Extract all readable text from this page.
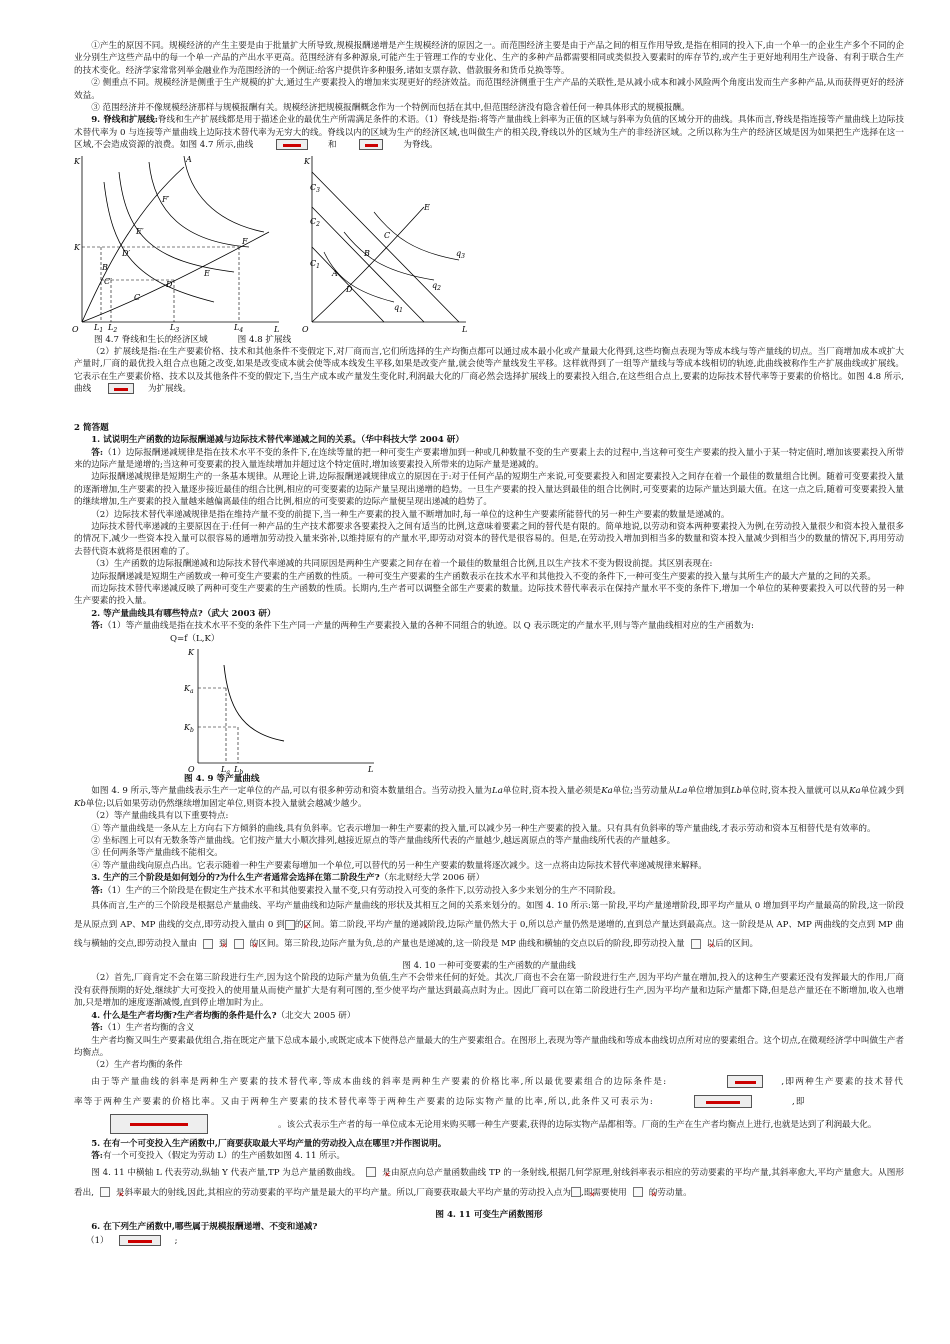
①产生的原因不同。规模经济的产生主要是由于批量扩大所导致,规模报酬递增是产生规模经济的原因之一。而范围经济主要是由于产品之间的相互作用导致,是指在相同的投入下,由一个单一的企业生产多个不同的企业分别生产这些产品中的每一个单一产品的产出水平更高。范围经济有多种源泉,可能产生于管理工作的专业化、生产的多种产品都需要相同或类似投入要素时的库存节约,或产生于更好地利用生产设备、有利于联合生产的技术变化。经济学家常常列举金融业作为范围经济的一个例证:给客户提供许多种服务,诸如支票存款、借款服务和货币兑换等等。

② 侧重点不同。规模经济是侧重于生产规模的扩大,通过生产要素投入的增加来实现更好的经济效益。而范围经济侧重于生产产品的关联性,是从减小成本和减小风险两个角度出发而生产多种产品,从而获得更好的经济效益。

③ 范围经济并不像规模经济那样与规模报酬有关。规模经济把规模报酬概念作为一个特例而包括在其中,但范围经济没有隐含着任何一种具体形式的规模报酬。

9. 脊线和扩展线:脊线和生产扩展线都是用于描述企业的最优生产所需满足条件的术语。（1）脊线是指:将等产量曲线上斜率为正值的区域与斜率为负值的区域分开的曲线。具体而言,脊线是指连接等产量曲线上边际技术替代率为 0 与连接等产量曲线上边际技术替代率为无穷大的线。脊线以内的区域为生产的经济区域,也叫做生产的相关段,脊线以外的区域为生产的非经济区域。之所以称为生产的经济区域是因为如果把生产选择在这一区域,不会造成资源的浪费。如图 4.7 所示,曲线	和	为脊线。

K
L
O
K
A
B
C
D
E
F
F′
E′
D′
C′
$L_1$ $L_2$	$L_3$	$L_4$
K
L
O
$C_3$
$C_2$
$C_1$
A
B
C
D
E
$q_1$
$q_2$
$q_3$
图 4.7 脊线和生长的经济区域	图 4.8 扩展线

（2）扩展线是指:在生产要素价格、技术和其他条件不变假定下,对厂商而言,它们所选择的生产均衡点都可以通过成本最小化或产量最大化得到,这些均衡点表现为等成本线与等产量线的切点。当厂商增加成本或扩大产量时,厂商的最优投入组合点也随之改变,如果是改变成本就会使等成本线发生平移,如果是改变产量,就会使等产量线发生平移。这样就得到了一组等产量线与等成本线相切的轨迹,此曲线被称作生产扩展曲线或扩展线。它表示在生产要素价格、技术以及其他条件不变的假定下,当生产成本或产量发生变化时,利润最大化的厂商必然会选择扩展线上的要素投入组合,在这些组合点上,要素的边际技术替代率等于要素的价格比。如图 4.8 所示,曲线	为扩展线。

2 简答题

1. 试说明生产函数的边际报酬递减与边际技术替代率递减之间的关系。（华中科技大学 2004 研）

答:（1）边际报酬递减规律是指在技术水平不变的条件下,在连续等量的把一种可变生产要素增加到一种或几种数量不变的生产要素上去的过程中,当这种可变生产要素的投入量小于某一特定值时,增加该要素投入所带来的边际产量是递增的;当这种可变要素的投入量连续增加并超过这个特定值时,增加该要素投入所带来的边际产量是递减的。

边际报酬递减规律是短期生产的一条基本规律。从理论上讲,边际报酬递减规律成立的原因在于:对于任何产品的短期生产来说,可变要素投入和固定要素投入之间存在着一个最佳的数量组合比例。随着可变要素投入量的逐渐增加,生产要素的投入量逐步接近最佳的组合比例,相应的可变要素的边际产量呈现出递增的趋势。一旦生产要素的投入量达到最佳的组合比例时,可变要素的边际产量达到最大值。在这一点之后,随着可变要素投入量的继续增加,生产要素的投入量越来越偏离最佳的组合比例,相应的可变要素的边际产量便呈现出递减的趋势了。

（2）边际技术替代率递减规律是指在维持产量不变的前提下,当一种生产要素的投入量不断增加时,每一单位的这种生产要素所能替代的另一种生产要素的数量是递减的。

边际技术替代率递减的主要原因在于:任何一种产品的生产技术都要求各要素投入之间有适当的比例,这意味着要素之间的替代是有限的。简单地说,以劳动和资本两种要素投入为例,在劳动投入量很少和资本投入量很多的情况下,减少一些资本投入量可以很容易的通增加劳动投入量来弥补,以维持原有的产量水平,即劳动对资本的替代是很容易的。但是,在劳动投入增加到相当多的数量和资本投入量减少到相当少的数量的情况下,再用劳动去替代资本就将是很困难的了。

（3）生产函数的边际报酬递减和边际技术替代率递减的共同原因是两种生产要素之间存在着一个最佳的数量组合比例,且以生产技术不变为假设前提。其区别表现在:

边际报酬递减是短期生产函数或一种可变生产要素的生产函数的性质。一种可变生产要素的生产函数表示在技术水平和其他投入不变的条件下,一种可变生产要素的投入量与其所生产的最大产量的之间的关系。

而边际技术替代率递减反映了两种可变生产要素的生产函数的性质。长期内,生产者可以调整全部生产要素的数量。边际技术替代率表示在保持产量水平不变的条件下,增加一个单位的某种要素投入可以代替的另一种生产要素的投入量。

2. 等产量曲线具有哪些特点?（武大 2003 研）

答:（1）等产量曲线是指在技术水平不变的条件下生产同一产量的两种生产要素投入量的各种不同组合的轨迹。以 Q 表示既定的产量水平,则与等产量曲线相对应的生产函数为:

Q=f（L,K）

K
L
O
$K_a$
$K_b$
$L_a$ $L_b$

图 4. 9 等产量曲线

如图 4. 9 所示,等产量曲线表示生产一定单位的产品,可以有很多种劳动和资本数量组合。当劳动投入量为La单位时,资本投入量必须是Ka单位;当劳动量从La单位增加到Lb单位时,资本投入量就可以从Ka单位减少到Kb单位;以后如果劳动仍然继续增加固定单位,则资本投入量就会越减少越少。

（2）等产量曲线具有以下重要特点:

① 等产量曲线是一条从左上方向右下方倾斜的曲线,具有负斜率。它表示增加一种生产要素的投入量,可以减少另一种生产要素的投入量。只有具有负斜率的等产量曲线,才表示劳动和资本互相替代是有效率的。

② 坐标图上可以有无数条等产量曲线。它们按产量大小顺次排列,越接近原点的等产量曲线所代表的产量越少,越远离原点的等产量曲线所代表的产量越多。

③ 任何两条等产量曲线不能相交。

④ 等产量曲线向原点凸出。它表示随着一种生产要素每增加一个单位,可以替代的另一种生产要素的数量将逐次减少。这一点将由边际技术替代率递减规律来解释。

3. 生产的三个阶段是如何划分的?为什么生产者通常会选择在第二阶段生产?（东北财经大学 2006 研）

答:（1）生产的三个阶段是在假定生产技术水平和其他要素投入量不变,只有劳动投入可变的条件下,以劳动投入多少来划分的生产不同阶段。

具体而言,生产的三个阶段是根据总产量曲线、平均产量曲线和边际产量曲线的形状及其相互之间的关系来划分的。如图 4. 10 所示:第一阶段,平均产量递增阶段,即平均产量从 0 增加到平均产量最高的阶段,这一阶段是从原点到 AP、MP 曲线的交点,即劳动投入量由 0 到 ✕ 的区间。第二阶段,平均产量的递减阶段,边际产量仍然大于 0,所以总产量仍然是递增的,直到总产量达到最高点。这一阶段是从 AP、MP 两曲线的交点到 MP 曲线与横轴的交点,即劳动投入量由 ✕ ✕	的区间。第三阶段,边际产量为负,总的产量也是递减的,这一阶段是 MP 曲线和横轴的交点以后的阶段,即劳动投入量 ✕	以后的区间。

图 4. 10 一种可变要素的生产函数的产量曲线

（2）首先,厂商肯定不会在第三阶段进行生产,因为这个阶段的边际产量为负值,生产不会带来任何的好处。其次,厂商也不会在第一阶段进行生产,因为平均产量在增加,投入的这种生产要素还没有发挥最大的作用,厂商没有获得预期的好处,继续扩大可变投入的使用量从而使产量扩大是有利可图的,至少使平均产量达到最高点时为止。因此厂商可以在第二阶段进行生产,因为平均产量和边际产量都下降,但是总产量还在不断增加,收入也增加,只是增加的速度逐渐减慢,直到停止增加时为止。

4. 什么是生产者均衡?生产者均衡的条件是什么?（北交大 2005 研）

答:（1）生产者均衡的含义

生产者均衡又叫生产要素最优组合,指在既定产量下总成本最小,或既定成本下使得总产量最大的生产要素组合。在图形上,表现为等产量曲线和等成本曲线切点所对应的要素组合。这个切点,在微观经济学中叫做生产者均衡点。

（2）生产者均衡的条件

由于等产量曲线的斜率是两种生产要素的技术替代率,等成本曲线的斜率是两种生产要素的价格比率,所以最优要素组合的边际条件是:	,即两种生产要素的技术替代率等于两种生产要素的价格比率。又由于两种生产要素的技术替代率等于两种生产要素的边际实物产量的比率,所以,此条件又可表示为:	,即

。该公式表示生产者的每一单位成本无论用来购买哪一种生产要素,获得的边际实物产品都相等。厂商的生产在生产者均衡点上进行,也就是达到了利润最大化。

5. 在有一个可变投入生产函数中,厂商要获取最大平均产量的劳动投入点在哪里?并作图说明。

答:有一个可变投入（假定为劳动 L）的生产函数如图 4. 11 所示。

图 4. 11 中横轴 L 代表劳动,纵轴 Y 代表产量,TP 为总产量函数曲线。 ✕	是由原点向总产量函数曲线 TP 的一条射线,根据几何学原理,射线斜率表示相应的劳动要素的平均产量,其斜率愈大,平均产量愈大。从图形看出, ✕	是斜率最大的射线,因此,其相应的劳动要素的平均产量是最大的平均产量。所以,厂商要获取最大平均产量的劳动投入点为 ✕ ,即需要使用 ✕	的劳动量。

图 4. 11 可变生产函数图形

6. 在下列生产函数中,哪些属于规模报酬递增、不变和递减?

（1）	;
